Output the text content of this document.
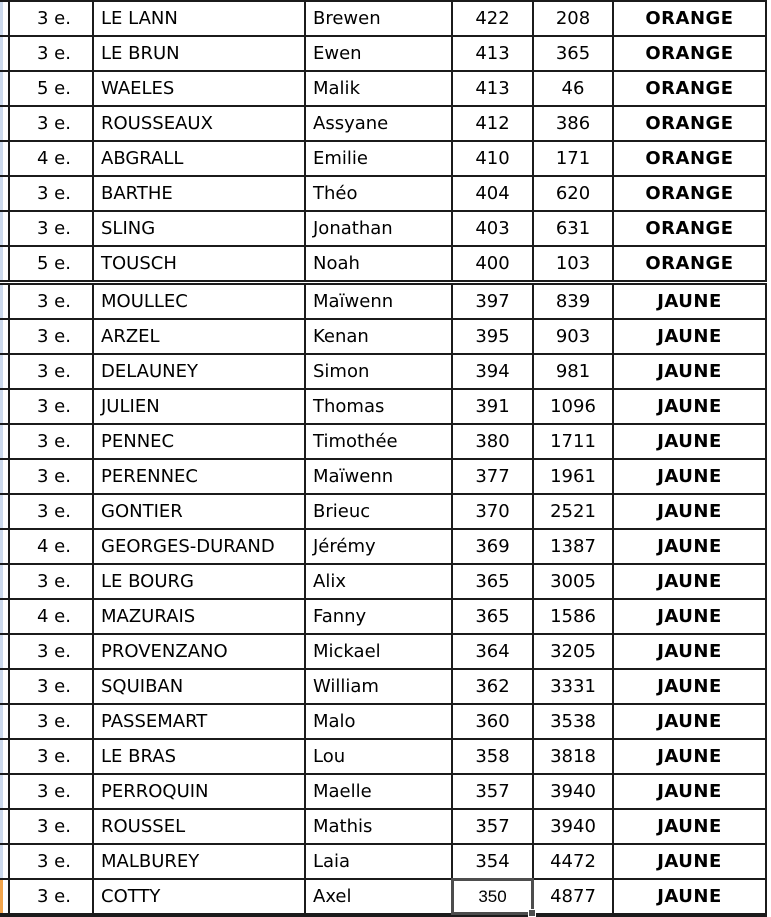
	3 e.	LE LANN	Brewen	422	208	ORANGE
	3 e.	LE BRUN	Ewen	413	365	ORANGE
	5 e.	WAELES	Malik	413	46	ORANGE
	3 e.	ROUSSEAUX	Assyane	412	386	ORANGE
	4 e.	ABGRALL	Emilie	410	171	ORANGE
	3 e.	BARTHE	Théo	404	620	ORANGE
	3 e.	SLING	Jonathan	403	631	ORANGE
	5 e.	TOUSCH	Noah	400	103	ORANGE
	3 e.	MOULLEC	Maïwenn	397	839	JAUNE
	3 e.	ARZEL	Kenan	395	903	JAUNE
	3 e.	DELAUNEY	Simon	394	981	JAUNE
	3 e.	JULIEN	Thomas	391	1096	JAUNE
	3 e.	PENNEC	Timothée	380	1711	JAUNE
	3 e.	PERENNEC	Maïwenn	377	1961	JAUNE
	3 e.	GONTIER	Brieuc	370	2521	JAUNE
	4 e.	GEORGES-DURAND	Jérémy	369	1387	JAUNE
	3 e.	LE BOURG	Alix	365	3005	JAUNE
	4 e.	MAZURAIS	Fanny	365	1586	JAUNE
	3 e.	PROVENZANO	Mickael	364	3205	JAUNE
	3 e.	SQUIBAN	William	362	3331	JAUNE
	3 e.	PASSEMART	Malo	360	3538	JAUNE
	3 e.	LE BRAS	Lou	358	3818	JAUNE
	3 e.	PERROQUIN	Maelle	357	3940	JAUNE
	3 e.	ROUSSEL	Mathis	357	3940	JAUNE
	3 e.	MALBUREY	Laia	354	4472	JAUNE
	3 e.	COTTY	Axel	350	4877	JAUNE
